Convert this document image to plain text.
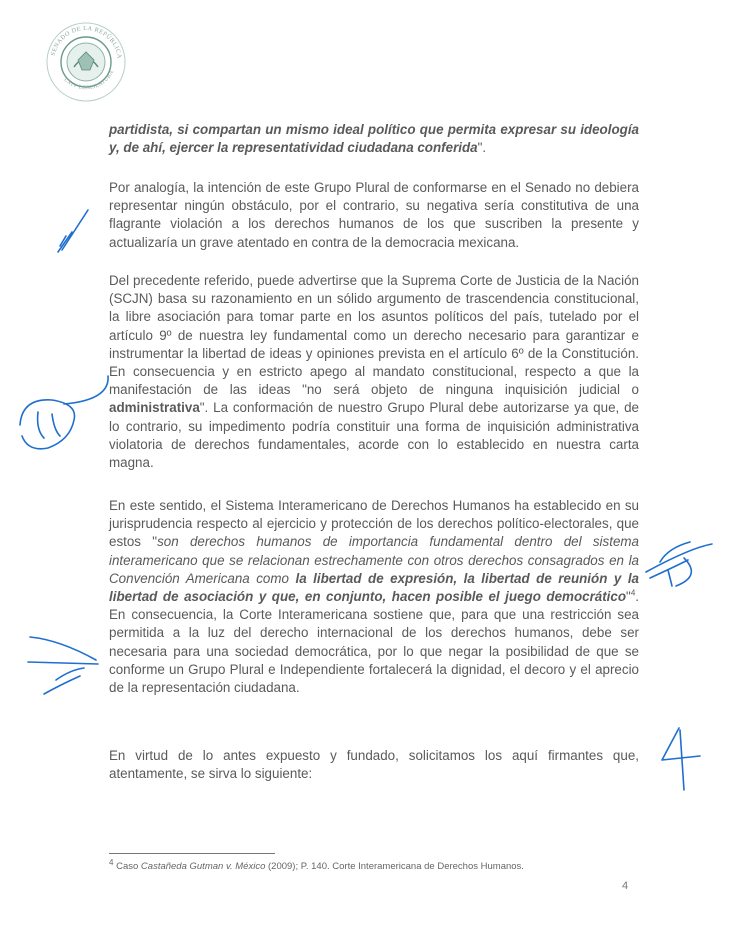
SENADO DE LA REPÚBLICA
LXIV LEGISLATURA
partidista, si compartan un mismo ideal político que permita expresar su ideología y, de ahí, ejercer la representatividad ciudadana conferida".
Por analogía, la intención de este Grupo Plural de conformarse en el Senado no debiera representar ningún obstáculo, por el contrario, su negativa sería constitutiva de una flagrante violación a los derechos humanos de los que suscriben la presente y actualizaría un grave atentado en contra de la democracia mexicana.
Del precedente referido, puede advertirse que la Suprema Corte de Justicia de la Nación (SCJN) basa su razonamiento en un sólido argumento de trascendencia constitucional, la libre asociación para tomar parte en los asuntos políticos del país, tutelado por el artículo 9º de nuestra ley fundamental como un derecho necesario para garantizar e instrumentar la libertad de ideas y opiniones prevista en el artículo 6º de la Constitución. En consecuencia y en estricto apego al mandato constitucional, respecto a que la manifestación de las ideas "no será objeto de ninguna inquisición judicial o administrativa". La conformación de nuestro Grupo Plural debe autorizarse ya que, de lo contrario, su impedimento podría constituir una forma de inquisición administrativa violatoria de derechos fundamentales, acorde con lo establecido en nuestra carta magna.
En este sentido, el Sistema Interamericano de Derechos Humanos ha establecido en su jurisprudencia respecto al ejercicio y protección de los derechos político-electorales, que estos "son derechos humanos de importancia fundamental dentro del sistema interamericano que se relacionan estrechamente con otros derechos consagrados en la Convención Americana como la libertad de expresión, la libertad de reunión y la libertad de asociación y que, en conjunto, hacen posible el juego democrático"$^4$. En consecuencia, la Corte Interamericana sostiene que, para que una restricción sea permitida a la luz del derecho internacional de los derechos humanos, debe ser necesaria para una sociedad democrática, por lo que negar la posibilidad de que se conforme un Grupo Plural e Independiente fortalecerá la dignidad, el decoro y el aprecio de la representación ciudadana.
En virtud de lo antes expuesto y fundado, solicitamos los aquí firmantes que, atentamente, se sirva lo siguiente:
$^4$ Caso Castañeda Gutman v. México (2009); P. 140. Corte Interamericana de Derechos Humanos.
4
